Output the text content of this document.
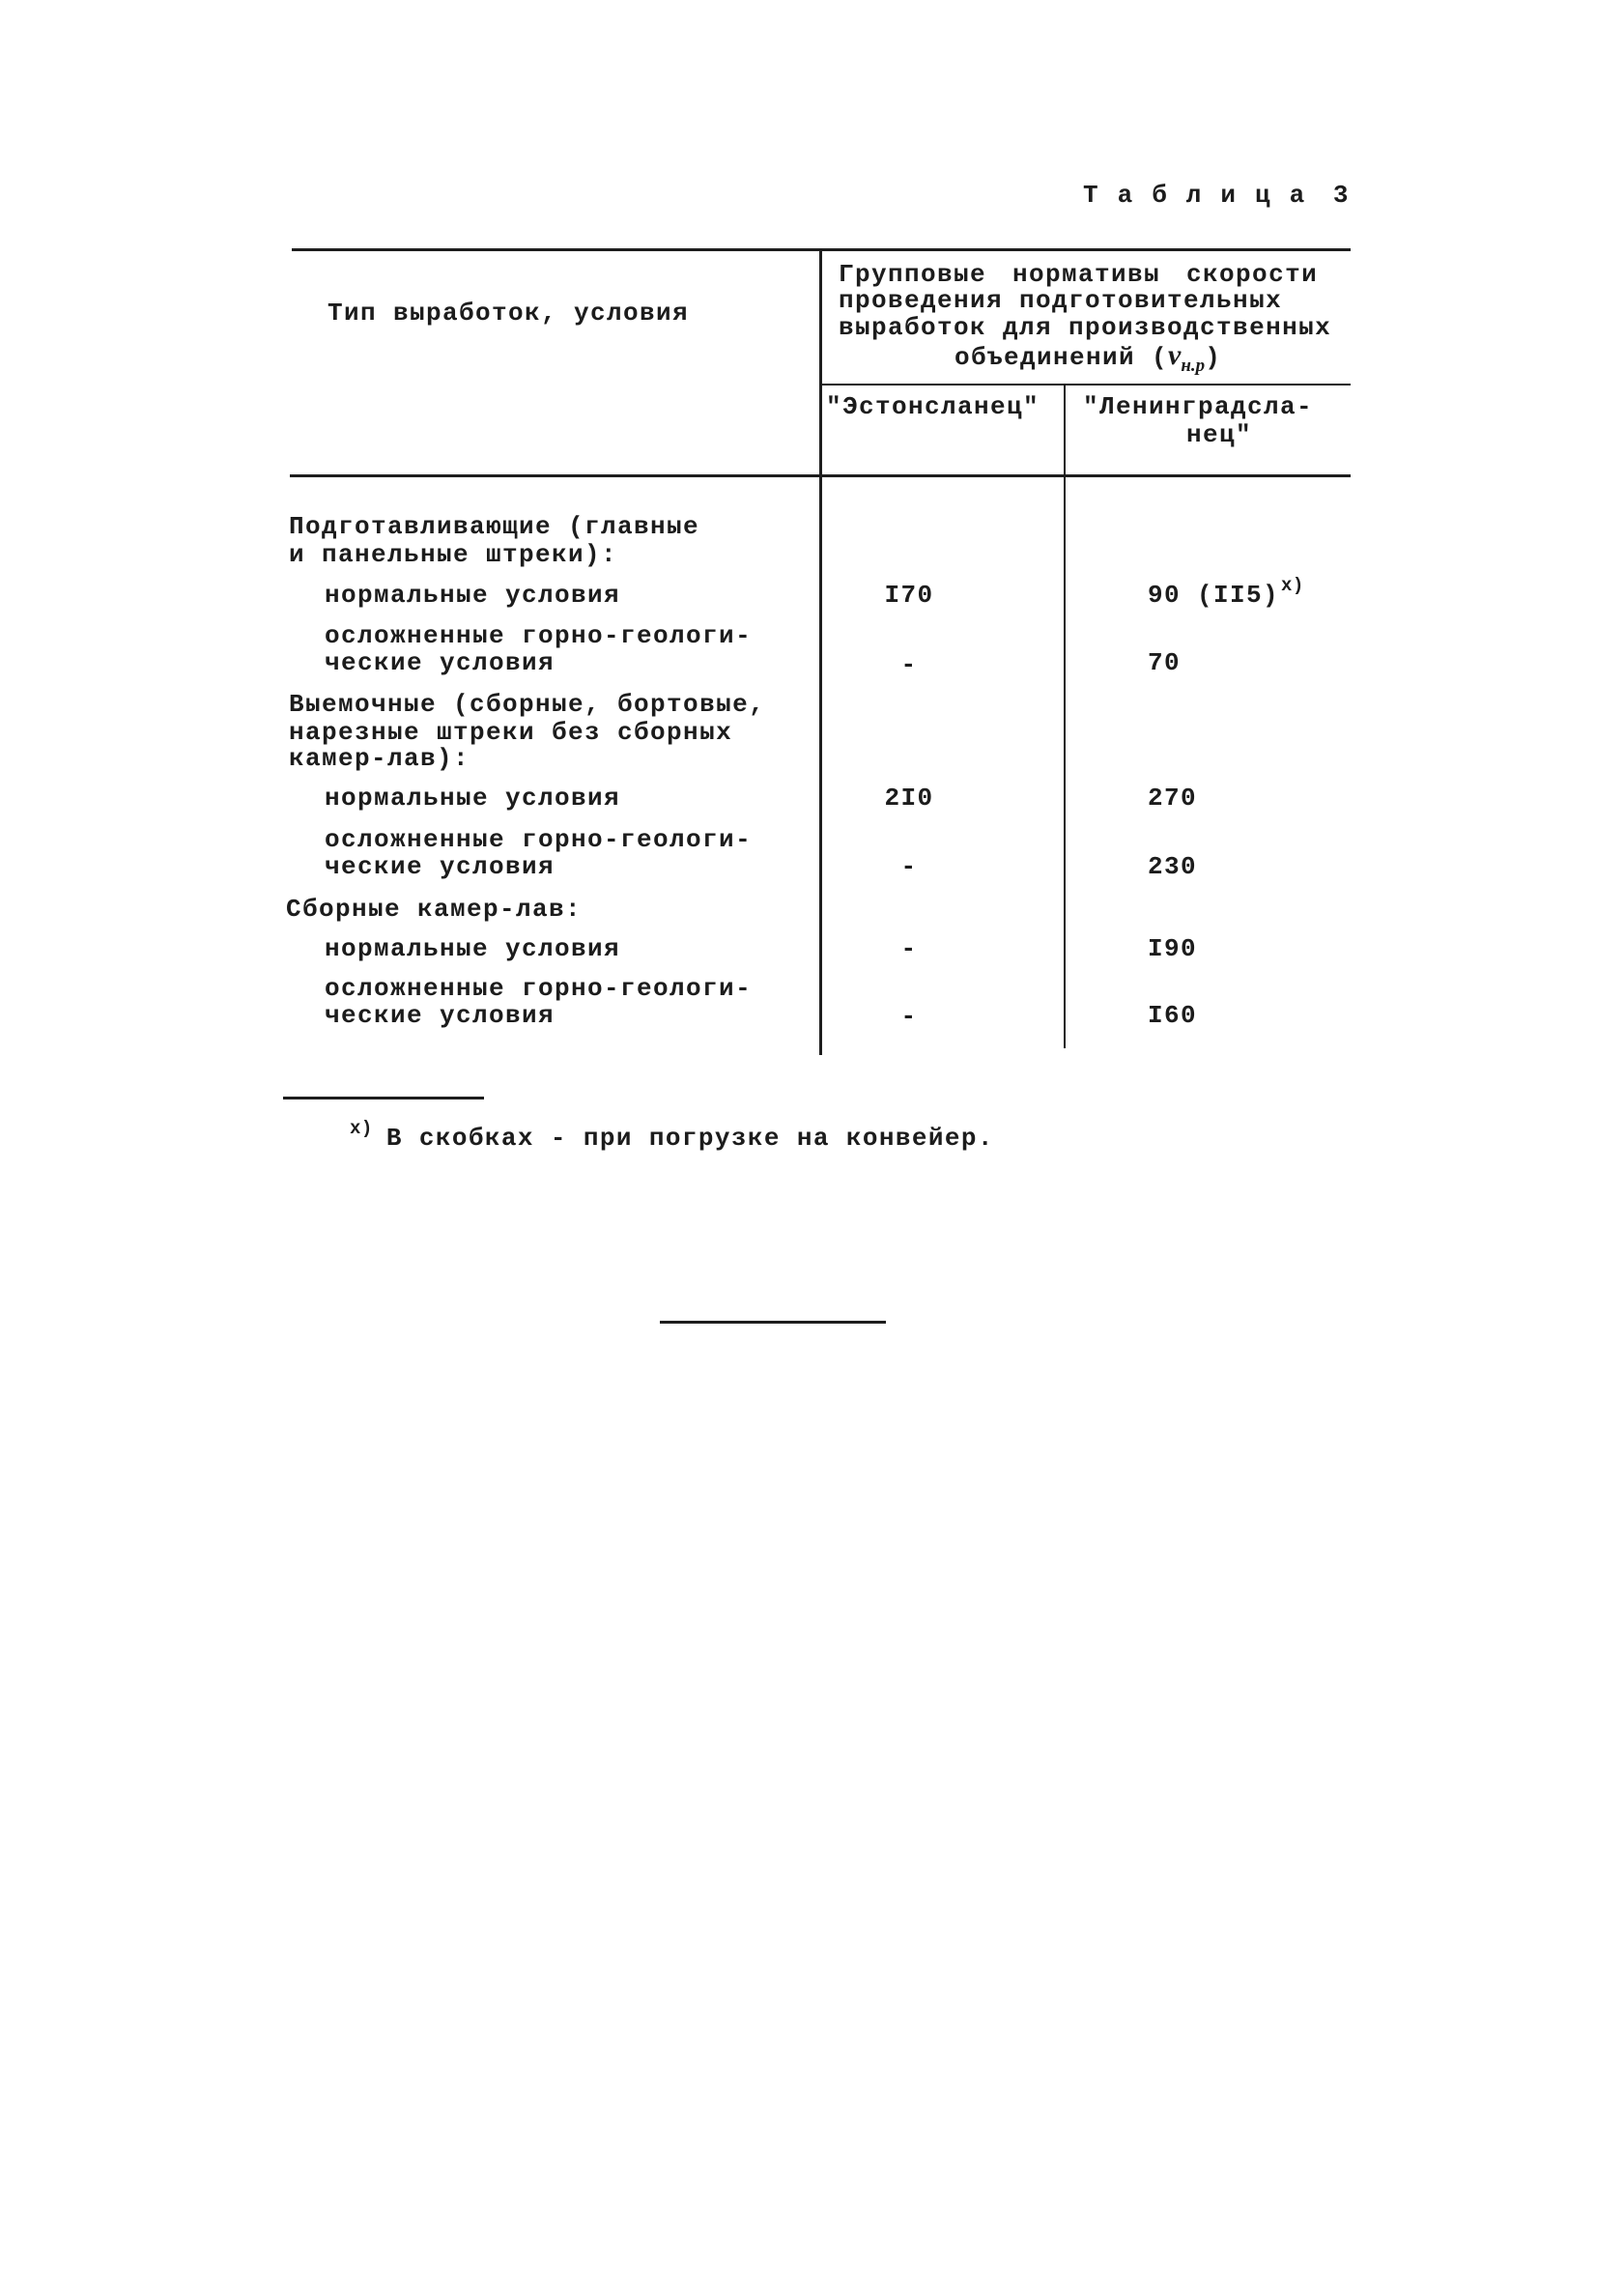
Таблица 3
Тип выработок, условия
Групповые нормативы скорости
проведения подготовительных
выработок для производственных
объединений $(v_{н.р})$
"Эстонсланец" "Ленинградсла-
нец"
Подготавливающие (главные
и панельные штреки):
нормальные условия	I70	90 (II5) $^{x)}$
осложненные горно-геологи-
ческие условия	-	70
Выемочные (сборные, бортовые,
нарезные штреки без сборных
камер-лав):
нормальные условия	2I0	270
осложненные горно-геологи-
ческие условия	-	230
Сборные камер-лав:
нормальные условия	-	I90
осложненные горно-геологи-
ческие условия	-	I60
$^{x)}$ В скобках - при погрузке на конвейер.
